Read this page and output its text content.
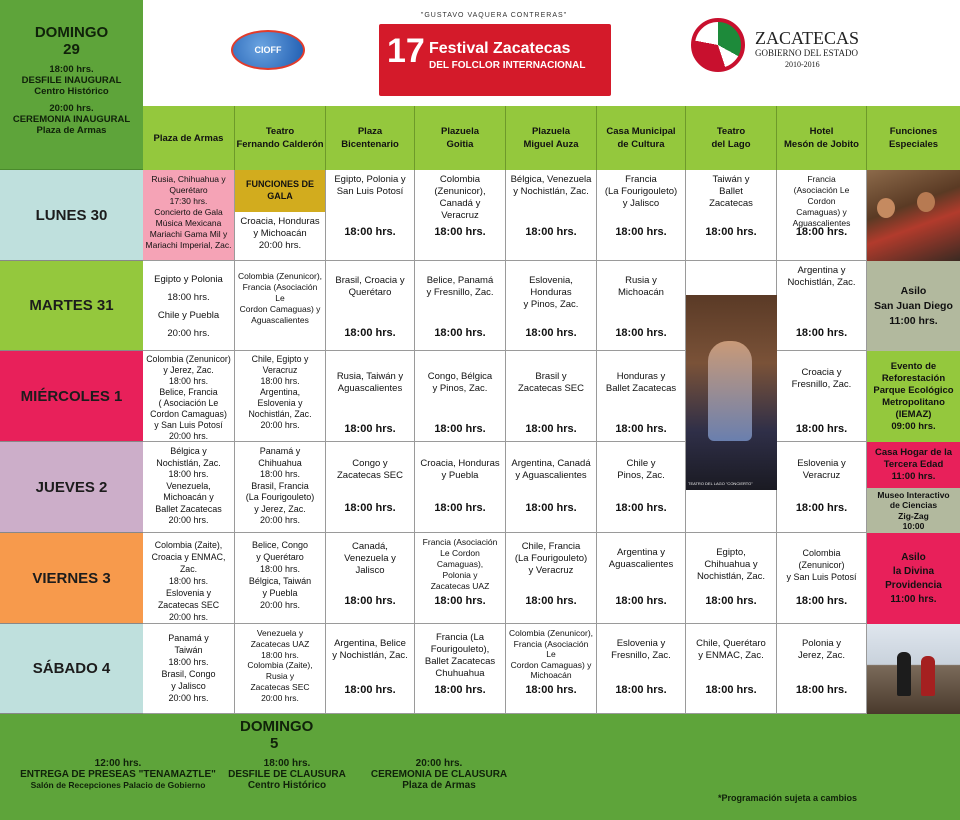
DOMINGO
29
18:00 hrs.
DESFILE INAUGURAL
Centro Histórico
20:00 hrs.
CEREMONIA INAUGURAL
Plaza de Armas
CIOFF
"GUSTAVO VAQUERA CONTRERAS"
17 Festival Zacatecas
DEL FOLCLOR INTERNACIONAL
ZACATECAS
GOBIERNO DEL ESTADO
2010-2016
Plaza de Armas
Teatro
Fernando Calderón
Plaza
Bicentenario
Plazuela
Goitia
Plazuela
Miguel Auza
Casa Municipal
de Cultura
Teatro
del Lago
Hotel
Mesón de Jobito
Funciones
Especiales
LUNES 30
MARTES 31
MIÉRCOLES 1
JUEVES 2
VIERNES 3
SÁBADO 4
Rusia, Chihuahua y
Querétaro
17:30 hrs.
Concierto de Gala
Música Mexicana
Mariachi Gama Mil y
Mariachi Imperial, Zac.
FUNCIONES DE
GALA
Croacia, Honduras
y Michoacán
20:00 hrs.
Egipto, Polonia y
San Luis Potosí
18:00 hrs.
Colombia (Zenunicor),
Canadá y
Veracruz
18:00 hrs.
Bélgica, Venezuela
y Nochistlán, Zac.
18:00 hrs.
Francia
(La Fourigouleto)
y Jalisco
18:00 hrs.
Taiwán y
Ballet
Zacatecas
18:00 hrs.
Francia
(Asociación Le Cordon
Camaguas) y
Aguascalientes
18:00 hrs.
Egipto y Polonia
18:00 hrs.
Chile y Puebla
20:00 hrs.
Colombia (Zenunicor),
Francia (Asociación Le
Cordon Camaguas) y
Aguascalientes
Brasil, Croacia y
Querétaro
18:00 hrs.
Belice, Panamá
y Fresnillo, Zac.
18:00 hrs.
Eslovenia, Honduras
y Pinos, Zac.
18:00 hrs.
Rusia y
Michoacán
18:00 hrs.
Argentina y
Nochistlán, Zac.
18:00 hrs.
Asilo
San Juan Diego
11:00 hrs.
TEATRO DEL LAGO "CONCIERTO"
Colombia (Zenunicor)
y Jerez, Zac.
18:00 hrs.
Belice, Francia
( Asociación Le Cordon Camaguas)
y San Luis Potosí
20:00 hrs.
Chile, Egipto y
Veracruz
18:00 hrs.
Argentina,
Eslovenia y
Nochistlán, Zac.
20:00 hrs.
Rusia, Taiwán y
Aguascalientes
18:00 hrs.
Congo, Bélgica
y Pinos, Zac.
18:00 hrs.
Brasil y
Zacatecas SEC
18:00 hrs.
Honduras y
Ballet Zacatecas
18:00 hrs.
Croacia y
Fresnillo, Zac.
18:00 hrs.
Evento de
Reforestación
Parque Ecológico
Metropolitano
(IEMAZ)
09:00 hrs.
Bélgica y
Nochistlán, Zac.
18:00 hrs.
Venezuela,
Michoacán y
Ballet Zacatecas
20:00 hrs.
Panamá y
Chihuahua
18:00 hrs.
Brasil, Francia
(La Fourigouleto)
y Jerez, Zac.
20:00 hrs.
Congo y
Zacatecas SEC
18:00 hrs.
Croacia, Honduras
y Puebla
18:00 hrs.
Argentina, Canadá
y Aguascalientes
18:00 hrs.
Chile y
Pinos, Zac.
18:00 hrs.
Eslovenia y
Veracruz
18:00 hrs.
Casa Hogar de la
Tercera Edad
11:00 hrs.
Museo Interactivo
de Ciencias
Zig-Zag
10:00
Colombia (Zaite),
Croacia y ENMAC, Zac.
18:00 hrs.
Eslovenia y
Zacatecas SEC
20:00 hrs.
Belice, Congo
y Querétaro
18:00 hrs.
Bélgica, Taiwán
y Puebla
20:00 hrs.
Canadá,
Venezuela y
Jalisco
18:00 hrs.
Francia (Asociación
Le Cordon Camaguas),
Polonia y
Zacatecas UAZ
18:00 hrs.
Chile, Francia
(La Fourigouleto)
y Veracruz
18:00 hrs.
Argentina y
Aguascalientes
18:00 hrs.
Egipto,
Chihuahua y
Nochistlán, Zac.
18:00 hrs.
Colombia (Zenunicor)
y San Luis Potosí
18:00 hrs.
Asilo
la Divina
Providencia
11:00 hrs.
Panamá y
Taiwán
18:00 hrs.
Brasil, Congo
y Jalisco
20:00 hrs.
Venezuela y
Zacatecas UAZ
18:00 hrs.
Colombia (Zaite),
Rusia y
Zacatecas SEC
20:00 hrs.
Argentina, Belice
y Nochistlán, Zac.
18:00 hrs.
Francia (La Fourigouleto),
Ballet Zacatecas
Chuhuahua
18:00 hrs.
Colombia (Zenunicor),
Francia (Asociación Le
Cordon Camaguas) y
Michoacán
18:00 hrs.
Eslovenia y
Fresnillo, Zac.
18:00 hrs.
Chile, Querétaro
y ENMAC, Zac.
18:00 hrs.
Polonia y
Jerez, Zac.
18:00 hrs.
DOMINGO
5
12:00 hrs.
ENTREGA DE PRESEAS "TENAMAZTLE"
Salón de Recepciones Palacio de Gobierno
18:00 hrs.
DESFILE DE CLAUSURA
Centro Histórico
20:00 hrs.
CEREMONIA DE CLAUSURA
Plaza de Armas
*Programación sujeta a cambios
